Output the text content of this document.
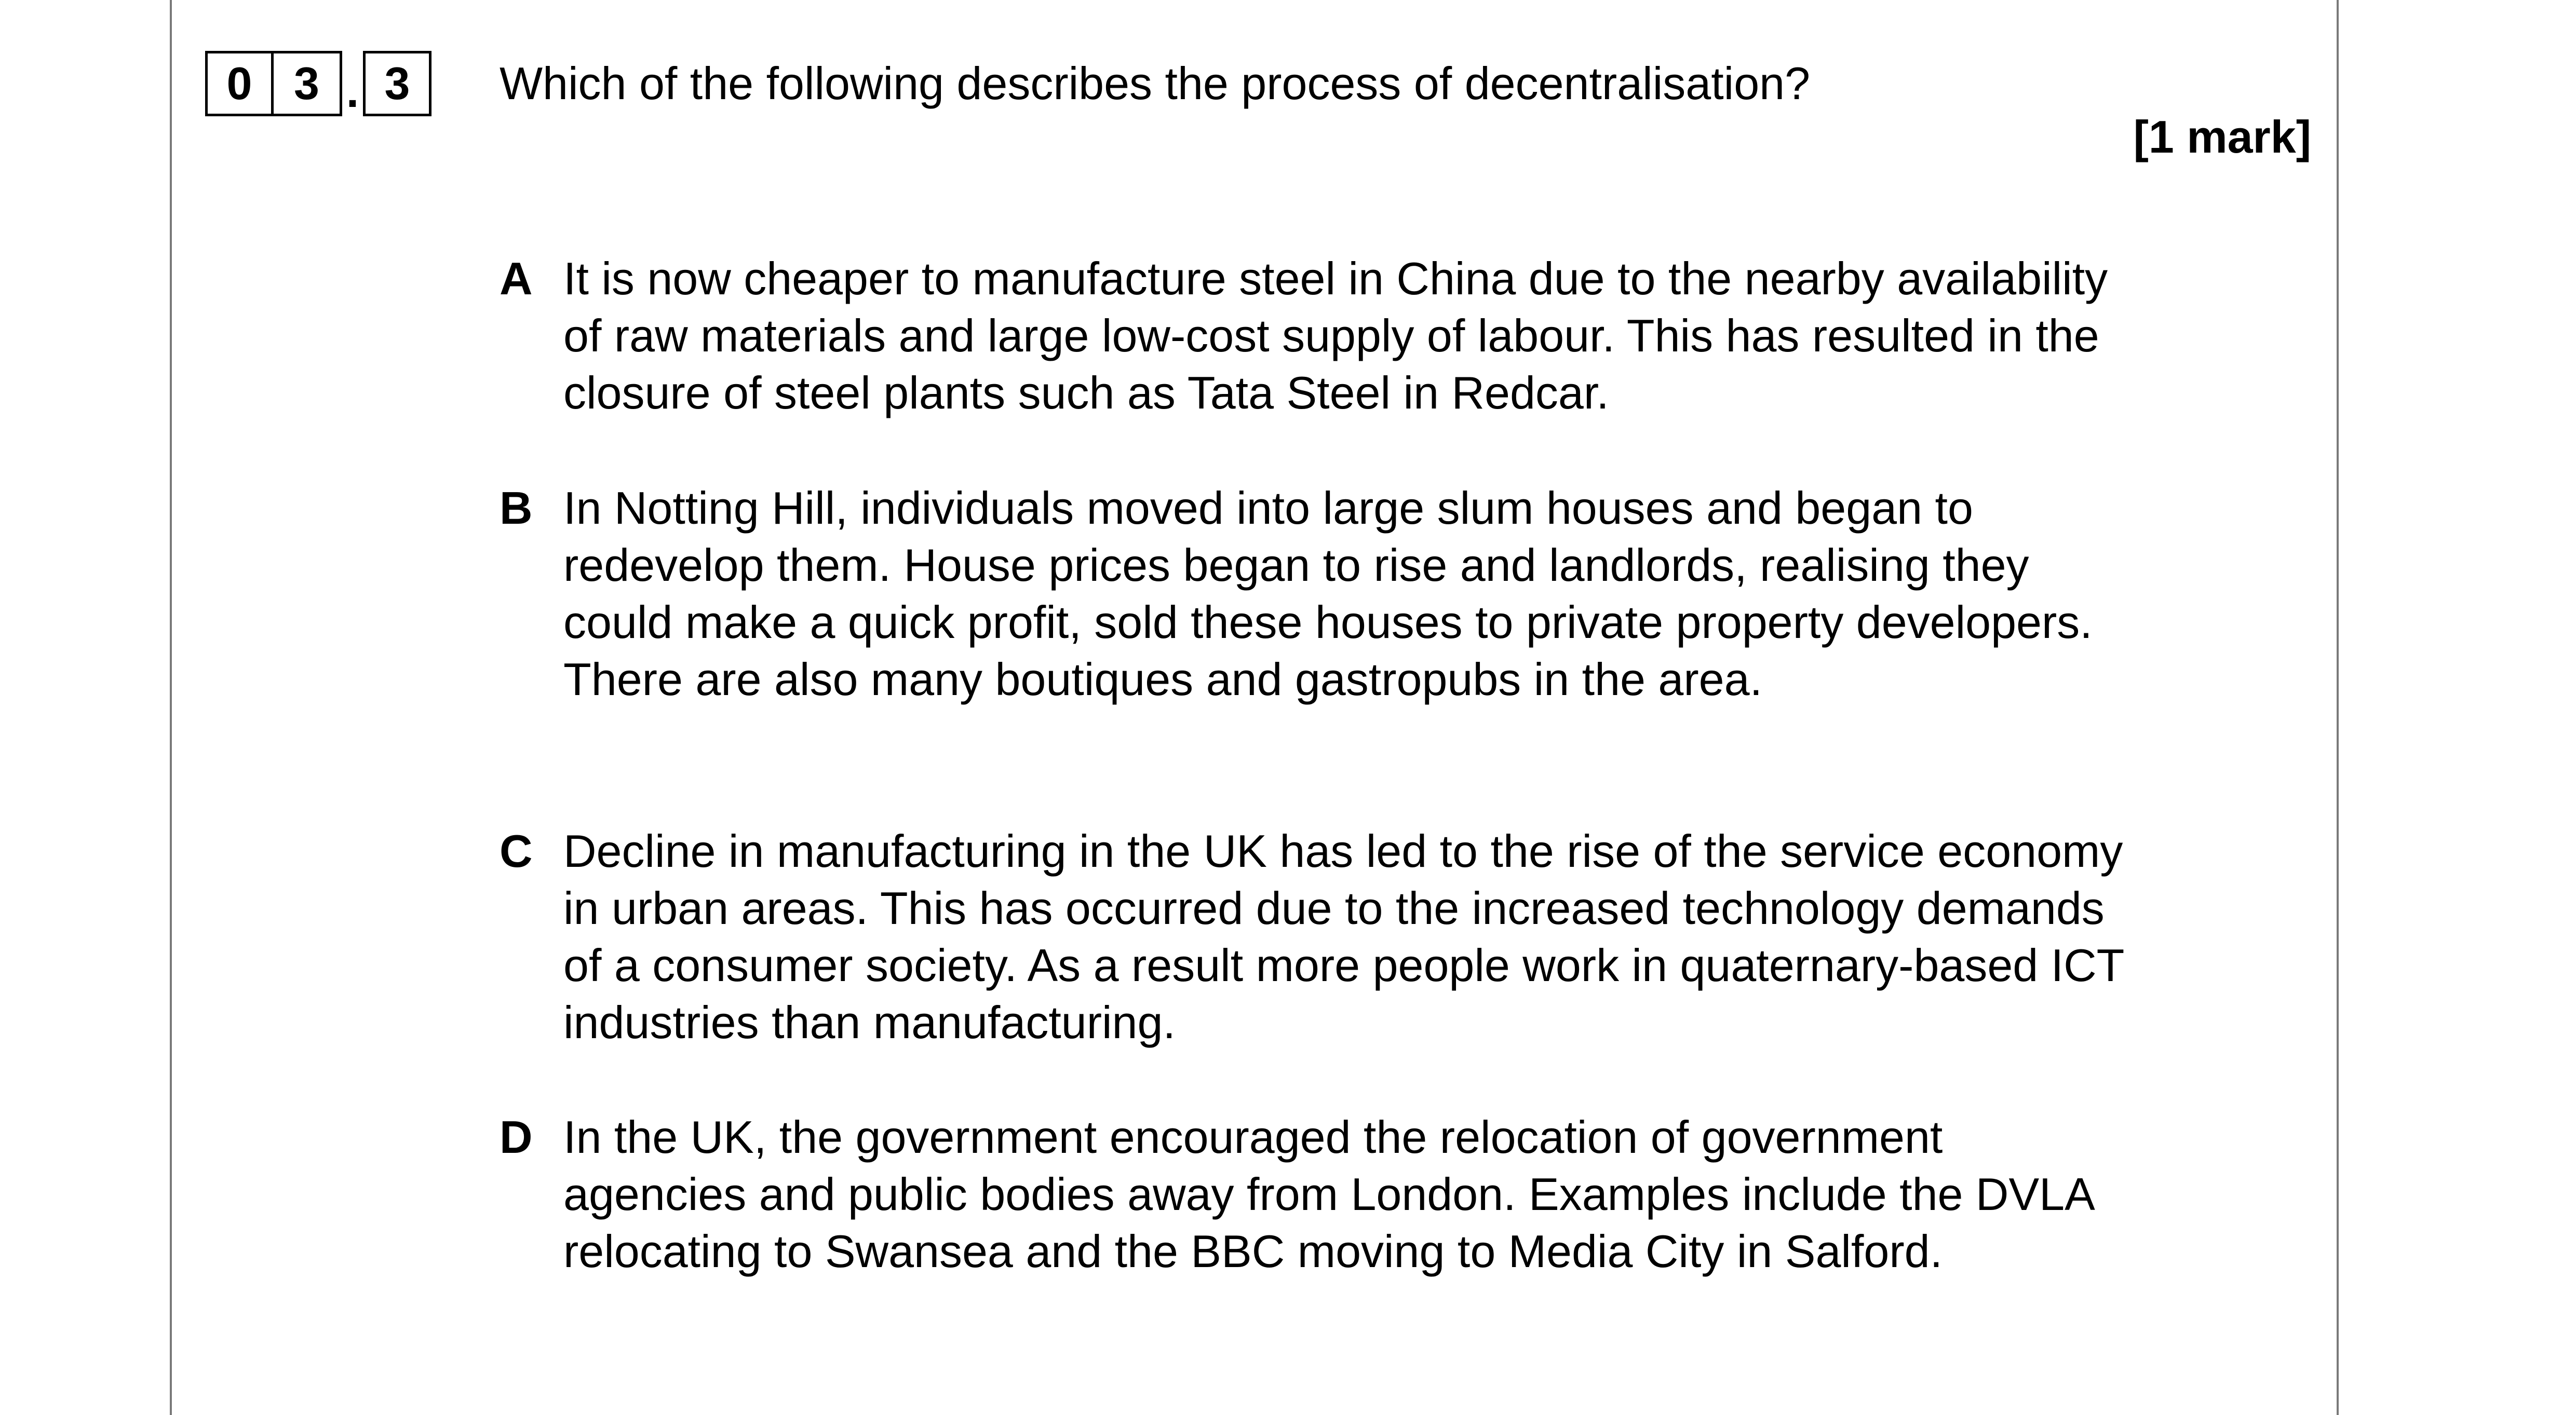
0 3 . 3	Which of the following describes the process of decentralisation?
[1 mark]
A It is now cheaper to manufacture steel in China due to the nearby availability of raw materials and large low-cost supply of labour. This has resulted in the closure of steel plants such as Tata Steel in Redcar.
B In Notting Hill, individuals moved into large slum houses and began to redevelop them. House prices began to rise and landlords, realising they could make a quick profit, sold these houses to private property developers. There are also many boutiques and gastropubs in the area.
C Decline in manufacturing in the UK has led to the rise of the service economy in urban areas. This has occurred due to the increased technology demands of a consumer society. As a result more people work in quaternary-based ICT industries than manufacturing.
D In the UK, the government encouraged the relocation of government agencies and public bodies away from London. Examples include the DVLA relocating to Swansea and the BBC moving to Media City in Salford.
